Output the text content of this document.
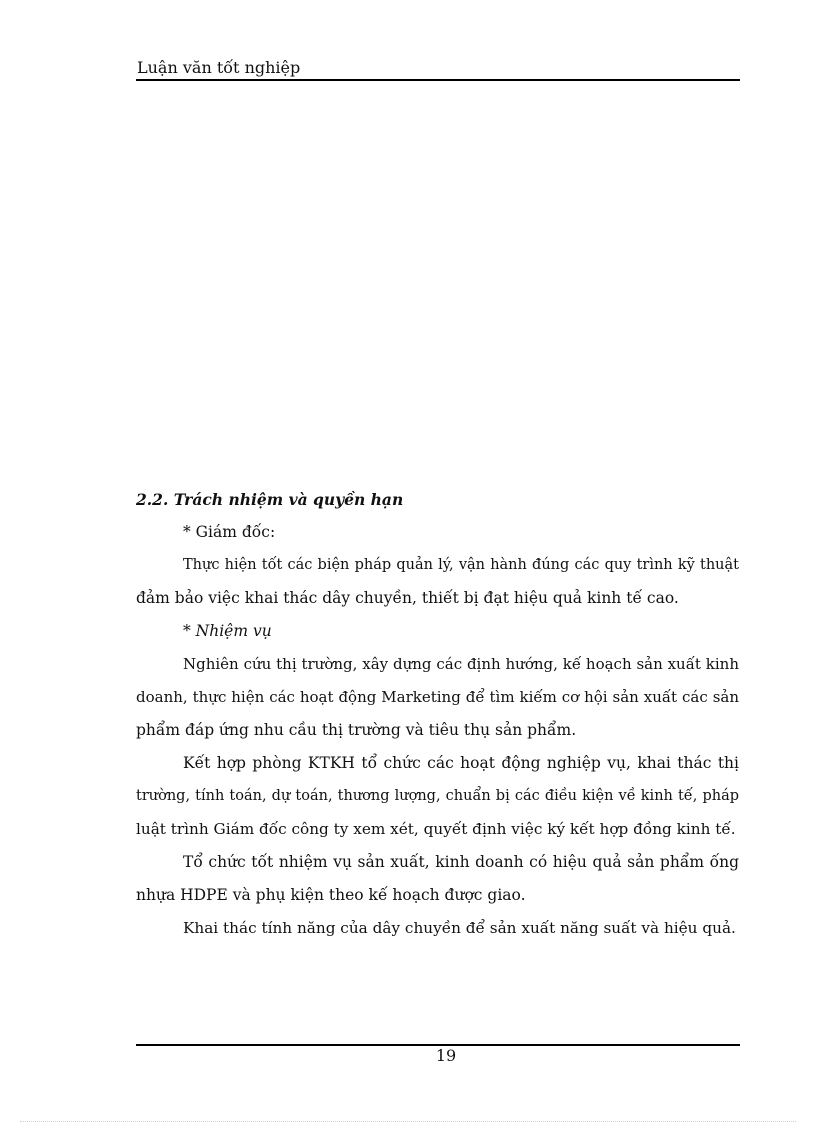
Luận văn tốt nghiệp
2.2. Trách nhiệm và quyền hạn
* Giám đốc:
Thực hiện tốt các biện pháp quản lý, vận hành đúng các quy trình kỹ thuật
đảm bảo việc khai thác dây chuyền, thiết bị đạt hiệu quả kinh tế cao.
* Nhiệm vụ
Nghiên cứu thị trường, xây dựng các định hướng, kế hoạch sản xuất kinh
doanh, thực hiện các hoạt động Marketing để tìm kiếm cơ hội sản xuất các sản
phẩm đáp ứng nhu cầu thị trường và tiêu thụ sản phẩm.
Kết hợp phòng KTKH tổ chức các hoạt động nghiệp vụ, khai thác thị
trường, tính toán, dự toán, thương lượng, chuẩn bị các điều kiện về kinh tế, pháp
luật trình Giám đốc công ty xem xét, quyết định việc ký kết hợp đồng kinh tế.
Tổ chức tốt nhiệm vụ sản xuất, kinh doanh có hiệu quả sản phẩm ống
nhựa HDPE và phụ kiện theo kế hoạch được giao.
Khai thác tính năng của dây chuyền để sản xuất năng suất và hiệu quả.
19
